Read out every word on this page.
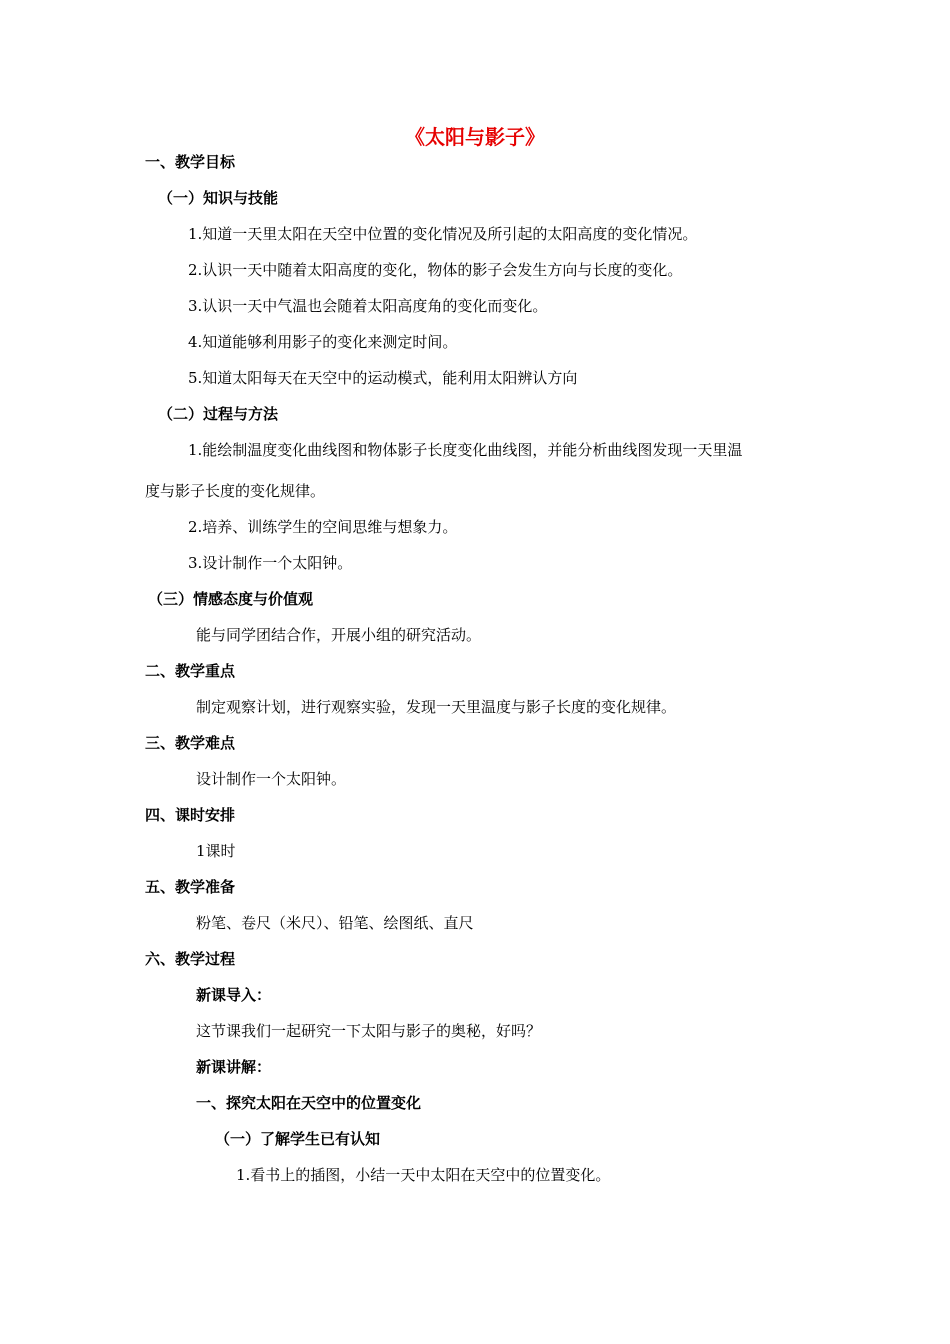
《太阳与影子》

一、教学目标

（一）知识与技能

1.知道一天里太阳在天空中位置的变化情况及所引起的太阳高度的变化情况。

2.认识一天中随着太阳高度的变化，物体的影子会发生方向与长度的变化。

3.认识一天中气温也会随着太阳高度角的变化而变化。

4.知道能够利用影子的变化来测定时间。

5.知道太阳每天在天空中的运动模式，能利用太阳辨认方向

（二）过程与方法

1.能绘制温度变化曲线图和物体影子长度变化曲线图，并能分析曲线图发现一天里温

度与影子长度的变化规律。

2.培养、训练学生的空间思维与想象力。

3.设计制作一个太阳钟。

（三）情感态度与价值观

能与同学团结合作，开展小组的研究活动。

二、教学重点

制定观察计划，进行观察实验，发现一天里温度与影子长度的变化规律。

三、教学难点

设计制作一个太阳钟。

四、课时安排

1课时

五、教学准备

粉笔、卷尺（米尺）、铅笔、绘图纸、直尺

六、教学过程

新课导入：

这节课我们一起研究一下太阳与影子的奥秘，好吗？

新课讲解：

一、探究太阳在天空中的位置变化

（一）了解学生已有认知

1.看书上的插图，小结一天中太阳在天空中的位置变化。
